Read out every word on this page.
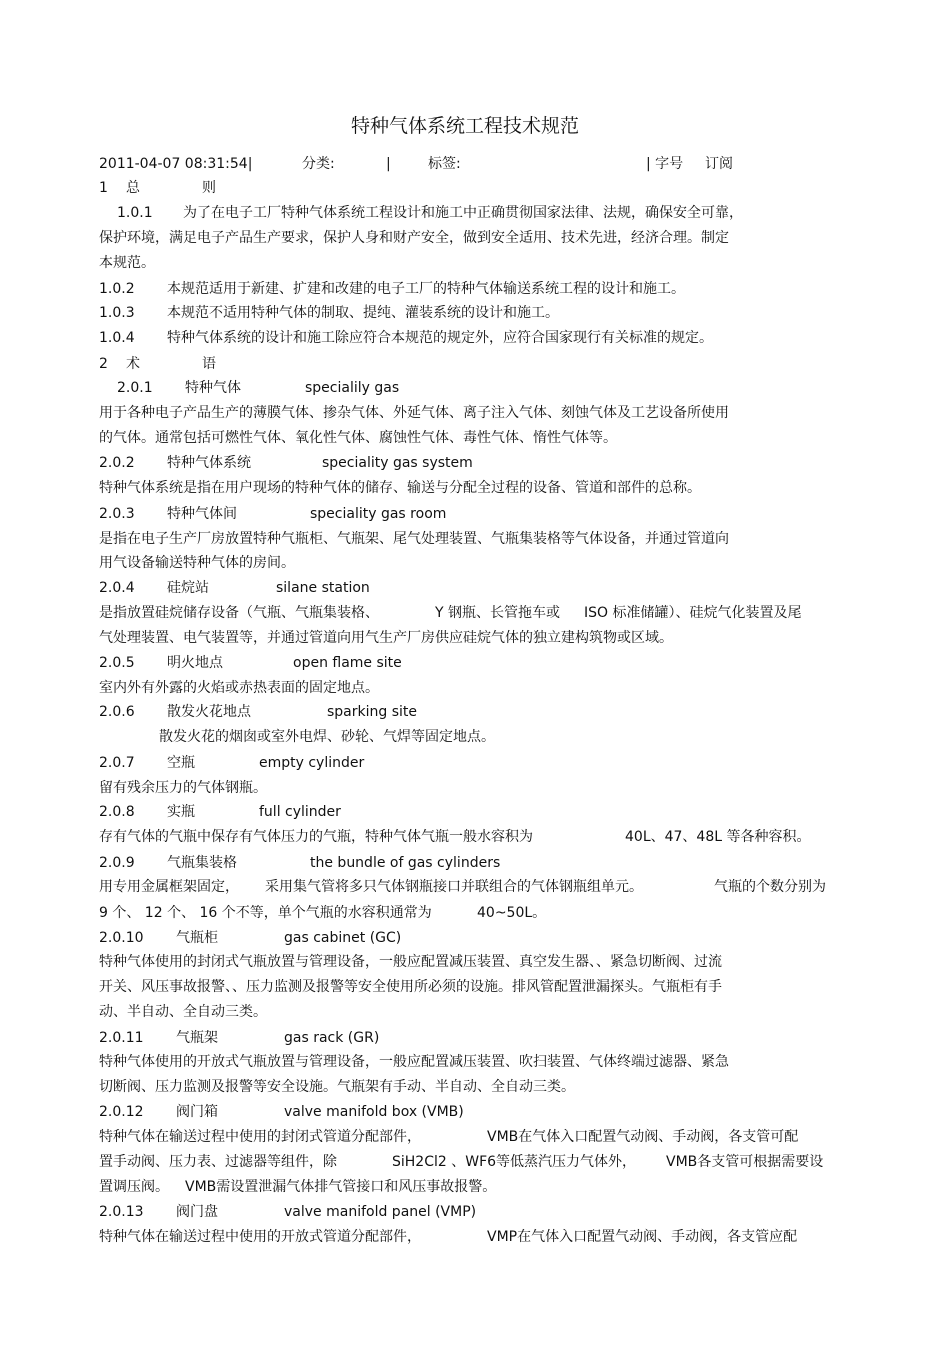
特种气体系统工程技术规范
2011-04-07 08:31:54|	分类:	|	标签:	| 字号 订阅
1 总	则
1.0.1 为了在电子工厂特种气体系统工程设计和施工中正确贯彻国家法律、法规，确保安全可靠，
保护环境，满足电子产品生产要求，保护人身和财产安全，做到安全适用、技术先进，经济合理。制定
本规范。
1.0.2 本规范适用于新建、扩建和改建的电子工厂的特种气体输送系统工程的设计和施工。
1.0.3 本规范不适用特种气体的制取、提纯、灌装系统的设计和施工。
1.0.4 特种气体系统的设计和施工除应符合本规范的规定外，应符合国家现行有关标准的规定。
2 术	语
2.0.1 特种气体	specialily gas
用于各种电子产品生产的薄膜气体、掺杂气体、外延气体、离子注入气体、刻蚀气体及工艺设备所使用
的气体。通常包括可燃性气体、氧化性气体、腐蚀性气体、毒性气体、惰性气体等。
2.0.2 特种气体系统	speciality gas system
特种气体系统是指在用户现场的特种气体的储存、输送与分配全过程的设备、管道和部件的总称。
2.0.3 特种气体间	speciality gas room
是指在电子生产厂房放置特种气瓶柜、气瓶架、尾气处理装置、气瓶集装格等气体设备，并通过管道向
用气设备输送特种气体的房间。
2.0.4 硅烷站	silane station
是指放置硅烷储存设备（气瓶、气瓶集装格、	Y 钢瓶、长管拖车或 ISO 标准储罐）、硅烷气化装置及尾
气处理装置、电气装置等，并通过管道向用气生产厂房供应硅烷气体的独立建构筑物或区域。
2.0.5 明火地点	open flame site
室内外有外露的火焰或赤热表面的固定地点。
2.0.6 散发火花地点	sparking site
散发火花的烟囱或室外电焊、砂轮、气焊等固定地点。
2.0.7 空瓶	empty cylinder
留有残余压力的气体钢瓶。
2.0.8 实瓶	full cylinder
存有气体的气瓶中保存有气体压力的气瓶，特种气体气瓶一般水容积为	40L、47、48L 等各种容积。
2.0.9 气瓶集装格	the bundle of gas cylinders
用专用金属框架固定， 采用集气管将多只气体钢瓶接口并联组合的气体钢瓶组单元。	气瓶的个数分别为
9 个、 12 个、 16 个不等，单个气瓶的水容积通常为	40~50L。
2.0.10 气瓶柜	gas cabinet (GC)
特种气体使用的封闭式气瓶放置与管理设备，一般应配置减压装置、真空发生器、、紧急切断阀、过流
开关、风压事故报警、、压力监测及报警等安全使用所必须的设施。排风管配置泄漏探头。气瓶柜有手
动、半自动、全自动三类。
2.0.11 气瓶架	gas rack (GR)
特种气体使用的开放式气瓶放置与管理设备，一般应配置减压装置、吹扫装置、气体终端过滤器、紧急
切断阀、压力监测及报警等安全设施。气瓶架有手动、半自动、全自动三类。
2.0.12 阀门箱	valve manifold box (VMB)
特种气体在输送过程中使用的封闭式管道分配部件，	VMB在气体入口配置气动阀、手动阀，各支管可配
置手动阀、压力表、过滤器等组件，除	SiH2Cl2 、WF6等低蒸汽压力气体外， VMB各支管可根据需要设
置调压阀。 VMB需设置泄漏气体排气管接口和风压事故报警。
2.0.13 阀门盘	valve manifold panel (VMP)
特种气体在输送过程中使用的开放式管道分配部件，	VMP在气体入口配置气动阀、手动阀，各支管应配
